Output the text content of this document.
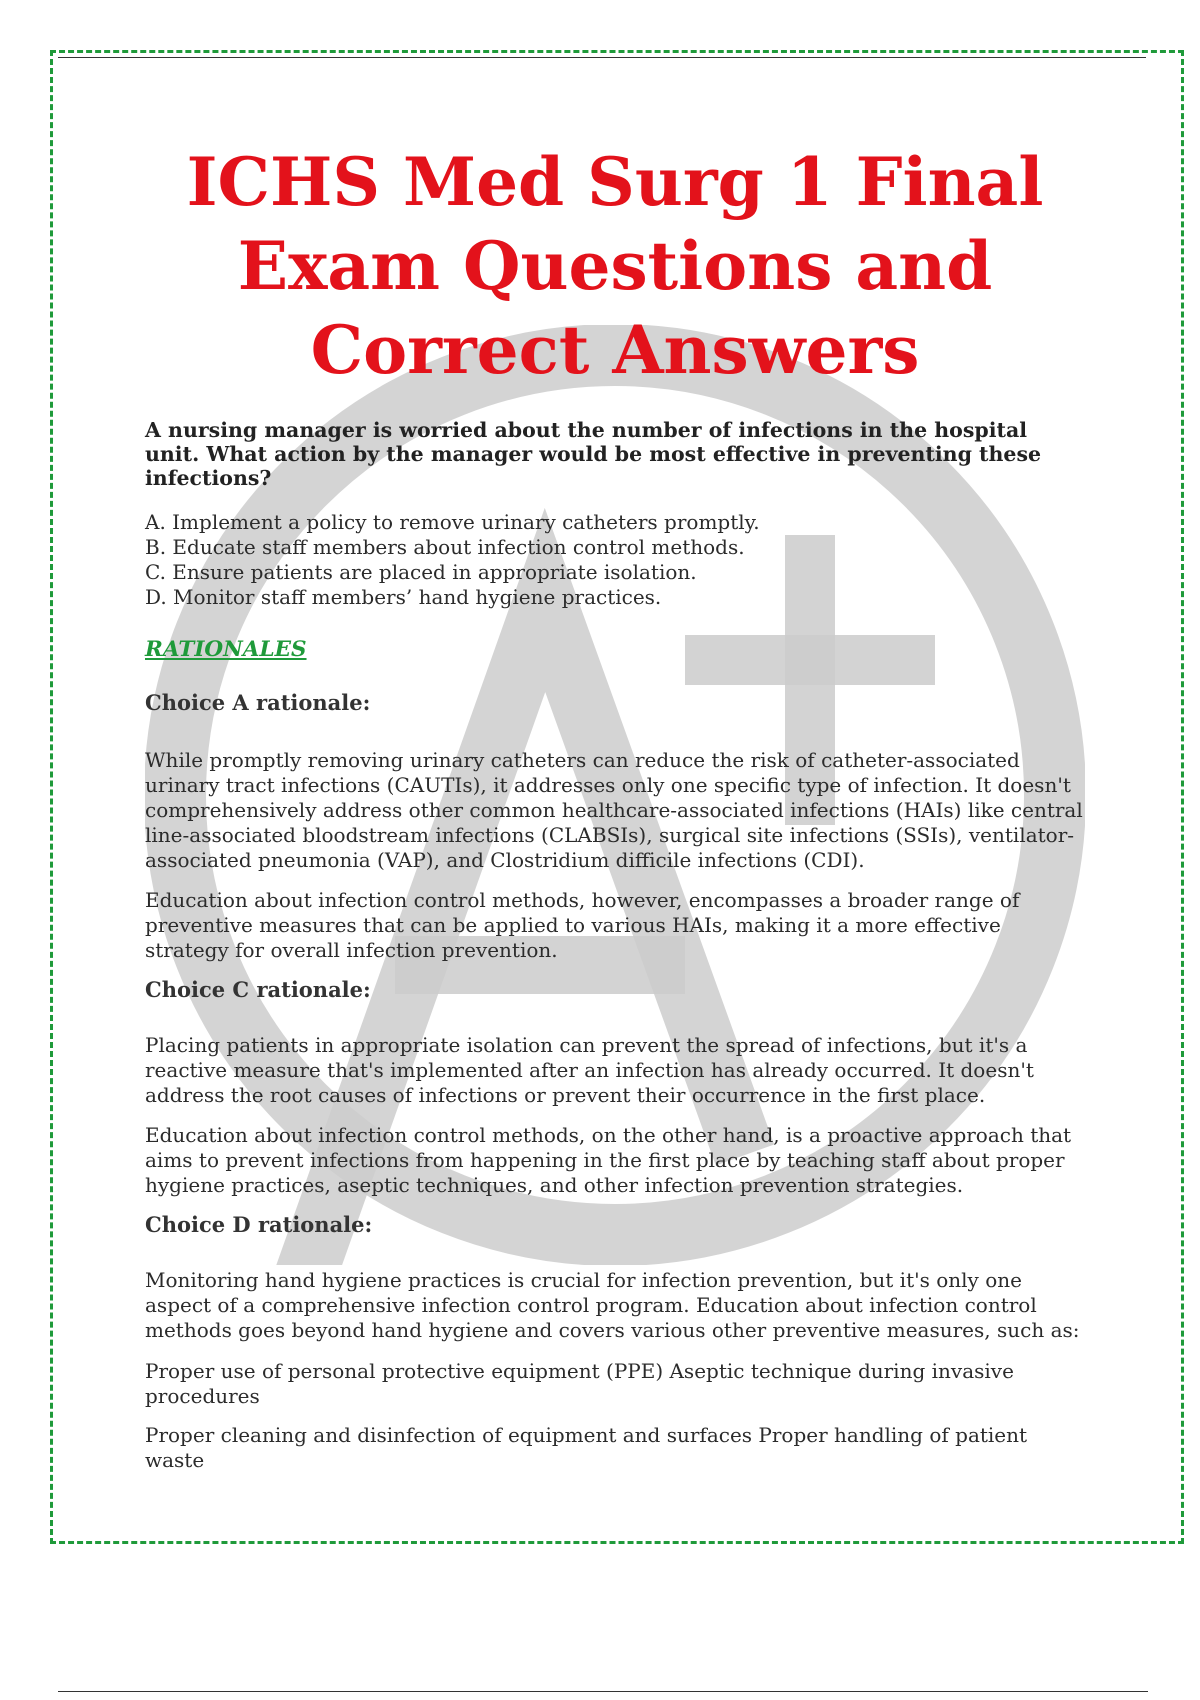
ICHS Med Surg 1 Final Exam Questions and Correct Answers

A nursing manager is worried about the number of infections in the hospital unit. What action by the manager would be most effective in preventing these infections?

A. Implement a policy to remove urinary catheters promptly.
B. Educate staff members about infection control methods.
C. Ensure patients are placed in appropriate isolation.
D. Monitor staff members’ hand hygiene practices.
RATIONALES
Choice A rationale:

While promptly removing urinary catheters can reduce the risk of catheter-associated urinary tract infections (CAUTIs), it addresses only one specific type of infection. It doesn't comprehensively address other common healthcare-associated infections (HAIs) like central line-associated bloodstream infections (CLABSIs), surgical site infections (SSIs), ventilator-associated pneumonia (VAP), and Clostridium difficile infections (CDI).

Education about infection control methods, however, encompasses a broader range of preventive measures that can be applied to various HAIs, making it a more effective strategy for overall infection prevention.

Choice C rationale:

Placing patients in appropriate isolation can prevent the spread of infections, but it's a reactive measure that's implemented after an infection has already occurred. It doesn't address the root causes of infections or prevent their occurrence in the first place.

Education about infection control methods, on the other hand, is a proactive approach that aims to prevent infections from happening in the first place by teaching staff about proper hygiene practices, aseptic techniques, and other infection prevention strategies.

Choice D rationale:

Monitoring hand hygiene practices is crucial for infection prevention, but it's only one aspect of a comprehensive infection control program. Education about infection control methods goes beyond hand hygiene and covers various other preventive measures, such as:

Proper use of personal protective equipment (PPE) Aseptic technique during invasive procedures

Proper cleaning and disinfection of equipment and surfaces Proper handling of patient waste
